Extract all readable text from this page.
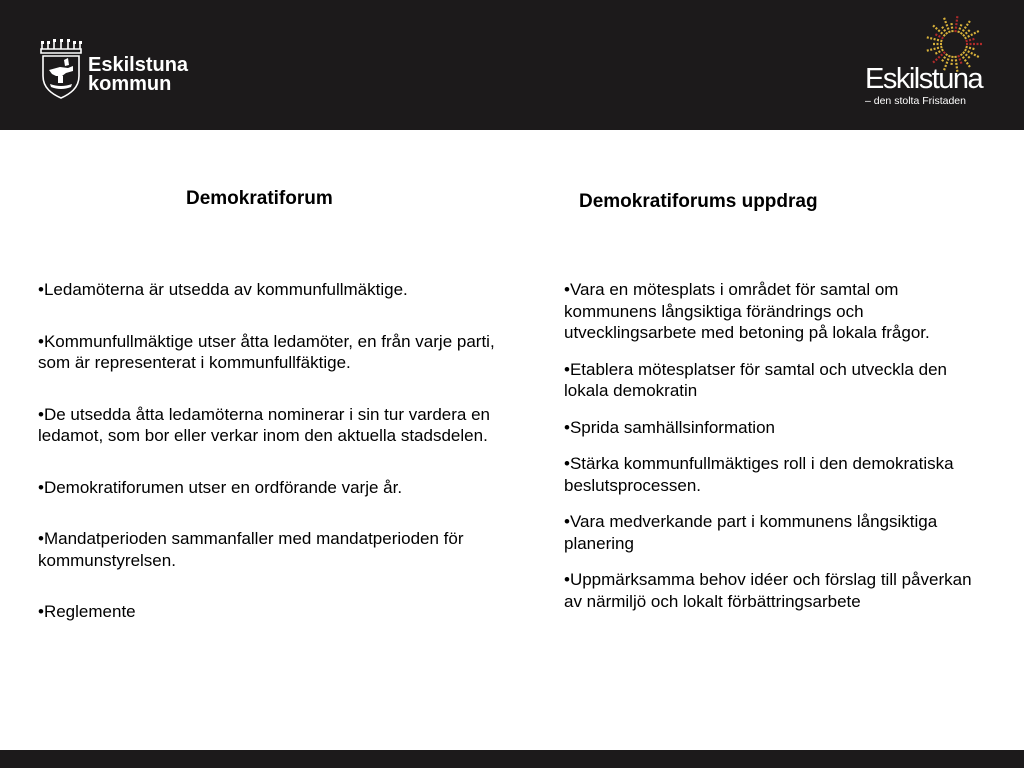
Eskilstuna
kommun	Eskilstuna
– den stolta Fristaden
Demokratiforum	Demokratiforums uppdrag
•Ledamöterna är utsedda av kommunfullmäktige.
•Kommunfullmäktige utser åtta ledamöter, en från varje parti, som är representerat i kommunfullfäktige.
•De utsedda åtta ledamöterna nominerar i sin tur vardera en ledamot, som bor eller verkar inom den aktuella stadsdelen.
•Demokratiforumen utser en ordförande varje år.
•Mandatperioden sammanfaller med mandatperioden för kommunstyrelsen.
•Reglemente
•Vara en mötesplats i området för samtal om kommunens långsiktiga förändrings och utvecklingsarbete med betoning på lokala frågor.
•Etablera mötesplatser för samtal och utveckla den lokala demokratin
•Sprida samhällsinformation
•Stärka kommunfullmäktiges roll i den demokratiska beslutsprocessen.
•Vara medverkande part i kommunens långsiktiga planering
•Uppmärksamma behov idéer och förslag till påverkan av närmiljö och lokalt förbättringsarbete
